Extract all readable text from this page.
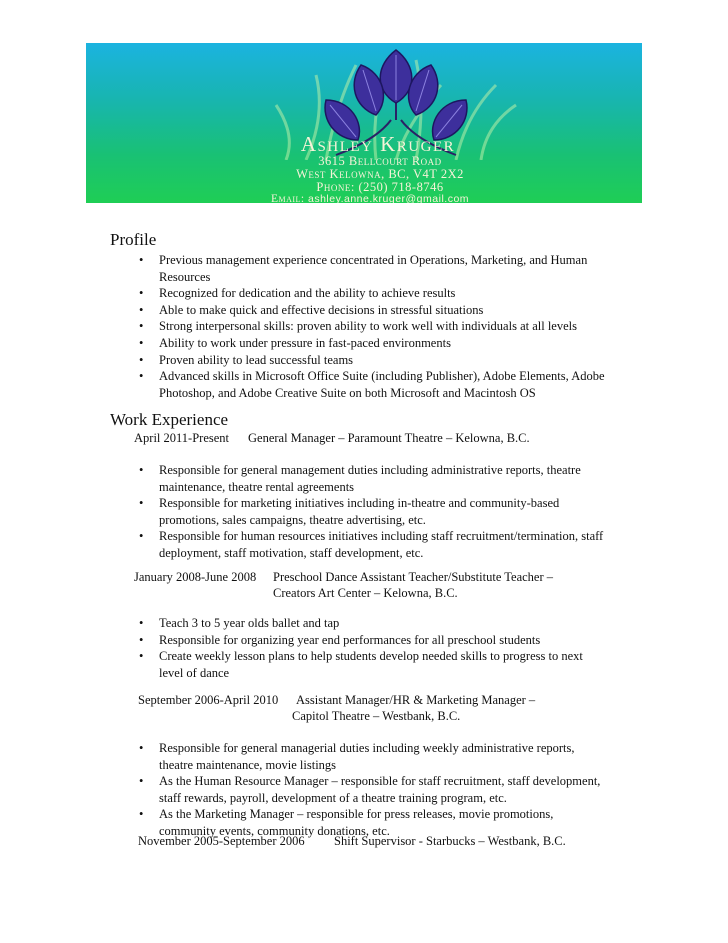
Ashley Kruger
3615 Bellcourt Road
West Kelowna, BC, V4T 2X2
Phone: (250) 718-8746
Email: ashley.anne.kruger@gmail.com
Profile
• Previous management experience concentrated in Operations, Marketing, and Human Resources
• Recognized for dedication and the ability to achieve results
• Able to make quick and effective decisions in stressful situations
• Strong interpersonal skills: proven ability to work well with individuals at all levels
• Ability to work under pressure in fast-paced environments
• Proven ability to lead successful teams
• Advanced skills in Microsoft Office Suite (including Publisher), Adobe Elements, Adobe Photoshop, and Adobe Creative Suite on both Microsoft and Macintosh OS
Work Experience
April 2011-Present General Manager – Paramount Theatre – Kelowna, B.C.
• Responsible for general management duties including administrative reports, theatre maintenance, theatre rental agreements
• Responsible for marketing initiatives including in-theatre and community-based promotions, sales campaigns, theatre advertising, etc.
• Responsible for human resources initiatives including staff recruitment/termination, staff deployment, staff motivation, staff development, etc.
January 2008-June 2008 Preschool Dance Assistant Teacher/Substitute Teacher –
Creators Art Center – Kelowna, B.C.
• Teach 3 to 5 year olds ballet and tap
• Responsible for organizing year end performances for all preschool students
• Create weekly lesson plans to help students develop needed skills to progress to next level of dance
September 2006-April 2010 Assistant Manager/HR & Marketing Manager –
Capitol Theatre – Westbank, B.C.
• Responsible for general managerial duties including weekly administrative reports, theatre maintenance, movie listings
• As the Human Resource Manager – responsible for staff recruitment, staff development, staff rewards, payroll, development of a theatre training program, etc.
• As the Marketing Manager – responsible for press releases, movie promotions, community events, community donations, etc.
November 2005-September 2006 Shift Supervisor - Starbucks – Westbank, B.C.
